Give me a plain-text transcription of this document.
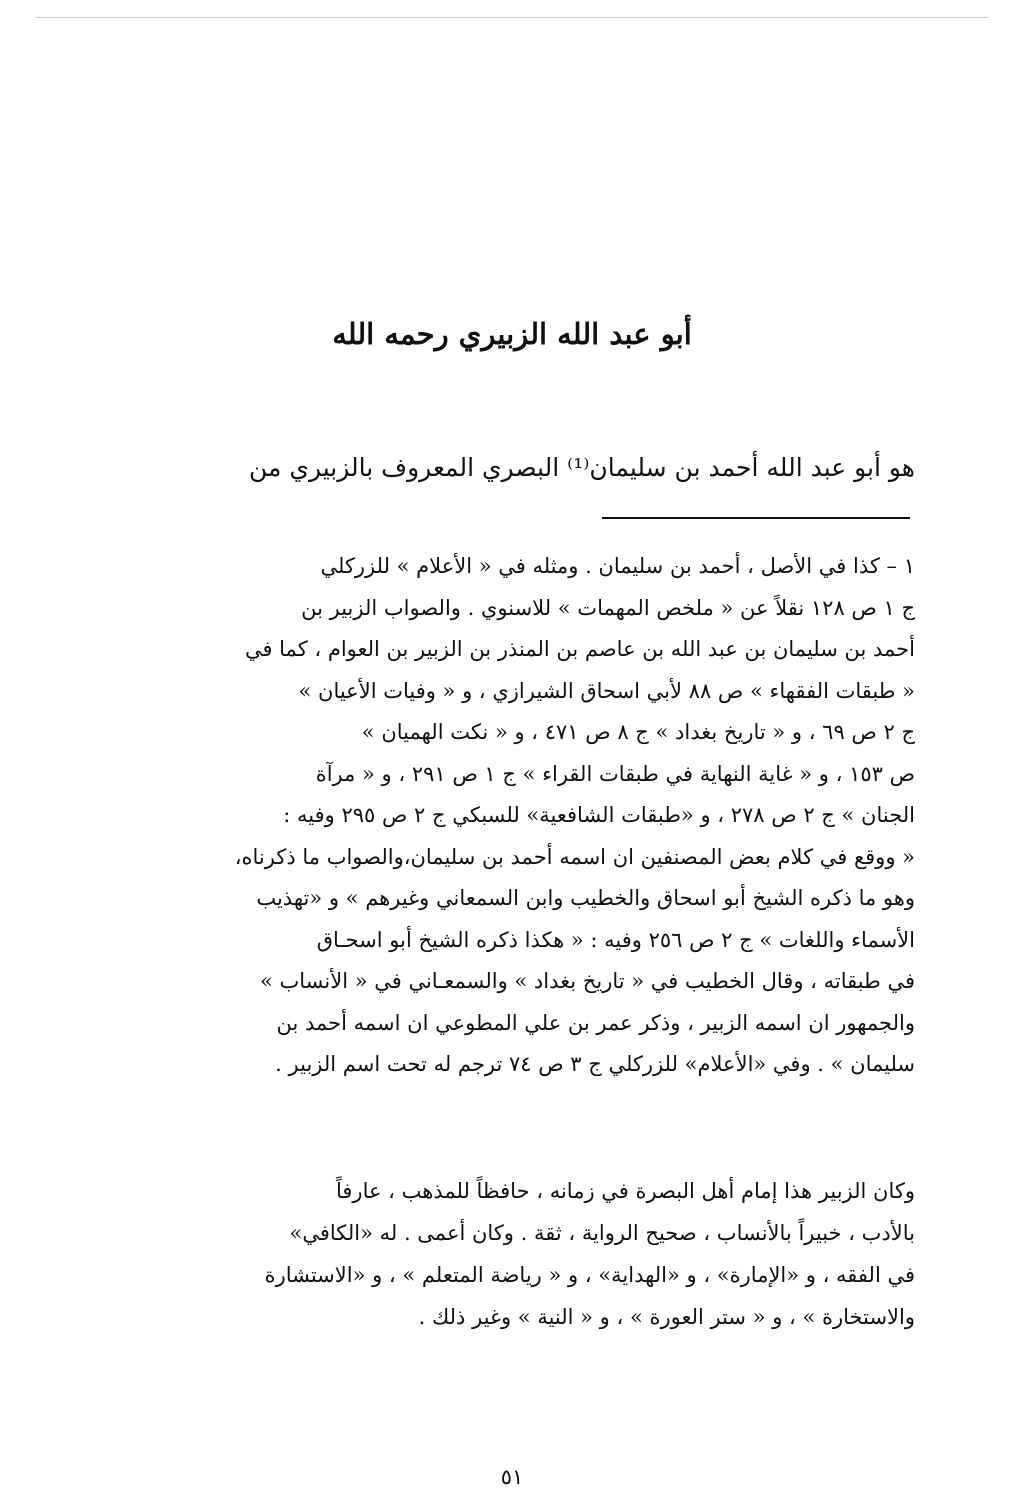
أبو عبد الله الزبيري رحمه الله
هو أبو عبد الله أحمد بن سليمان⁽¹⁾ البصري المعروف بالزبيري من
١ – كذا في الأصل ، أحمد بن سليمان . ومثله في « الأعلام » للزركلي
ج ١ ص ١٢٨ نقلاً عن « ملخص المهمات » للاسنوي . والصواب الزبير بن
أحمد بن سليمان بن عبد الله بن عاصم بن المنذر بن الزبير بن العوام ، كما في
« طبقات الفقهاء » ص ٨٨ لأبي اسحاق الشيرازي ، و « وفيات الأعيان »
ج ٢ ص ٦٩ ، و « تاريخ بغداد » ج ٨ ص ٤٧١ ، و « نكت الهميان »
ص ١٥٣ ، و « غاية النهاية في طبقات القراء » ج ١ ص ٢٩١ ، و « مرآة
الجنان » ج ٢ ص ٢٧٨ ، و «طبقات الشافعية» للسبكي ج ٢ ص ٢٩٥ وفيه :
« ووقع في كلام بعض المصنفين ان اسمه أحمد بن سليمان،والصواب ما ذكرناه،
وهو ما ذكره الشيخ أبو اسحاق والخطيب وابن السمعاني وغيرهم » و «تهذيب
الأسماء واللغات » ج ٢ ص ٢٥٦ وفيه : « هكذا ذكره الشيخ أبو اسحـاق
في طبقاته ، وقال الخطيب في « تاريخ بغداد » والسمعـاني في « الأنساب »
والجمهور ان اسمه الزبير ، وذكر عمر بن علي المطوعي ان اسمه أحمد بن
سليمان » . وفي «الأعلام» للزركلي ج ٣ ص ٧٤ ترجم له تحت اسم الزبير .
وكان الزبير هذا إمام أهل البصرة في زمانه ، حافظاً للمذهب ، عارفاً
بالأدب ، خبيراً بالأنساب ، صحيح الرواية ، ثقة . وكان أعمى . له «الكافي»
في الفقه ، و «الإمارة» ، و «الهداية» ، و « رياضة المتعلم » ، و «الاستشارة
والاستخارة » ، و « ستر العورة » ، و « النية » وغير ذلك .
٥١
